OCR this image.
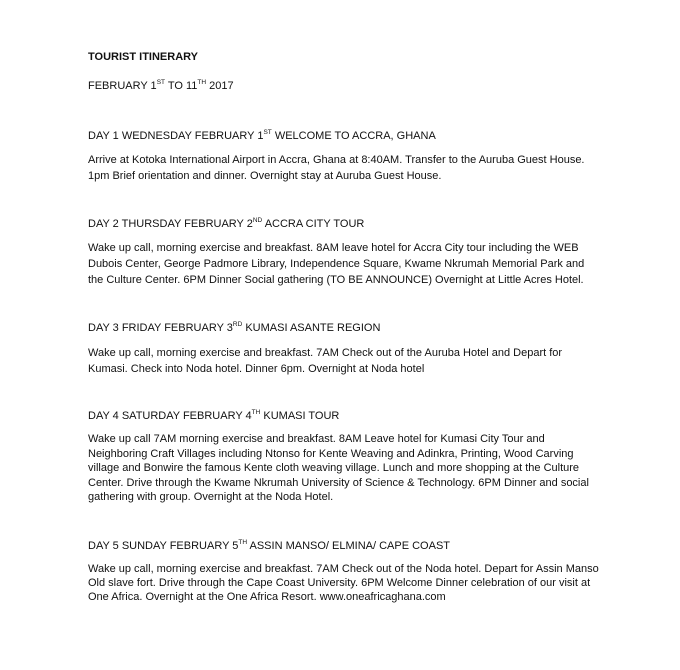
TOURIST ITINERARY
FEBRUARY 1ST TO 11TH 2017
DAY 1 WEDNESDAY FEBRUARY 1ST WELCOME TO ACCRA, GHANA
Arrive at Kotoka International Airport in Accra, Ghana at 8:40AM. Transfer to the Auruba Guest House.
1pm Brief orientation and dinner. Overnight stay at Auruba Guest House.
DAY 2 THURSDAY FEBRUARY 2ND ACCRA CITY TOUR
Wake up call, morning exercise and breakfast. 8AM leave hotel for Accra City tour including the WEB
Dubois Center, George Padmore Library, Independence Square, Kwame Nkrumah Memorial Park and
the Culture Center. 6PM Dinner Social gathering (TO BE ANNOUNCE) Overnight at Little Acres Hotel.
DAY 3 FRIDAY FEBRUARY 3RD KUMASI ASANTE REGION
Wake up call, morning exercise and breakfast. 7AM Check out of the Auruba Hotel and Depart for
Kumasi. Check into Noda hotel. Dinner 6pm. Overnight at Noda hotel
DAY 4 SATURDAY FEBRUARY 4TH KUMASI TOUR
Wake up call 7AM morning exercise and breakfast. 8AM Leave hotel for Kumasi City Tour and
Neighboring Craft Villages including Ntonso for Kente Weaving and Adinkra, Printing, Wood Carving
village and Bonwire the famous Kente cloth weaving village. Lunch and more shopping at the Culture
Center. Drive through the Kwame Nkrumah University of Science & Technology. 6PM Dinner and social
gathering with group. Overnight at the Noda Hotel.
DAY 5 SUNDAY FEBRUARY 5TH ASSIN MANSO/ ELMINA/ CAPE COAST
Wake up call, morning exercise and breakfast. 7AM Check out of the Noda hotel. Depart for Assin Manso
Old slave fort. Drive through the Cape Coast University. 6PM Welcome Dinner celebration of our visit at
One Africa. Overnight at the One Africa Resort. www.oneafricaghana.com
